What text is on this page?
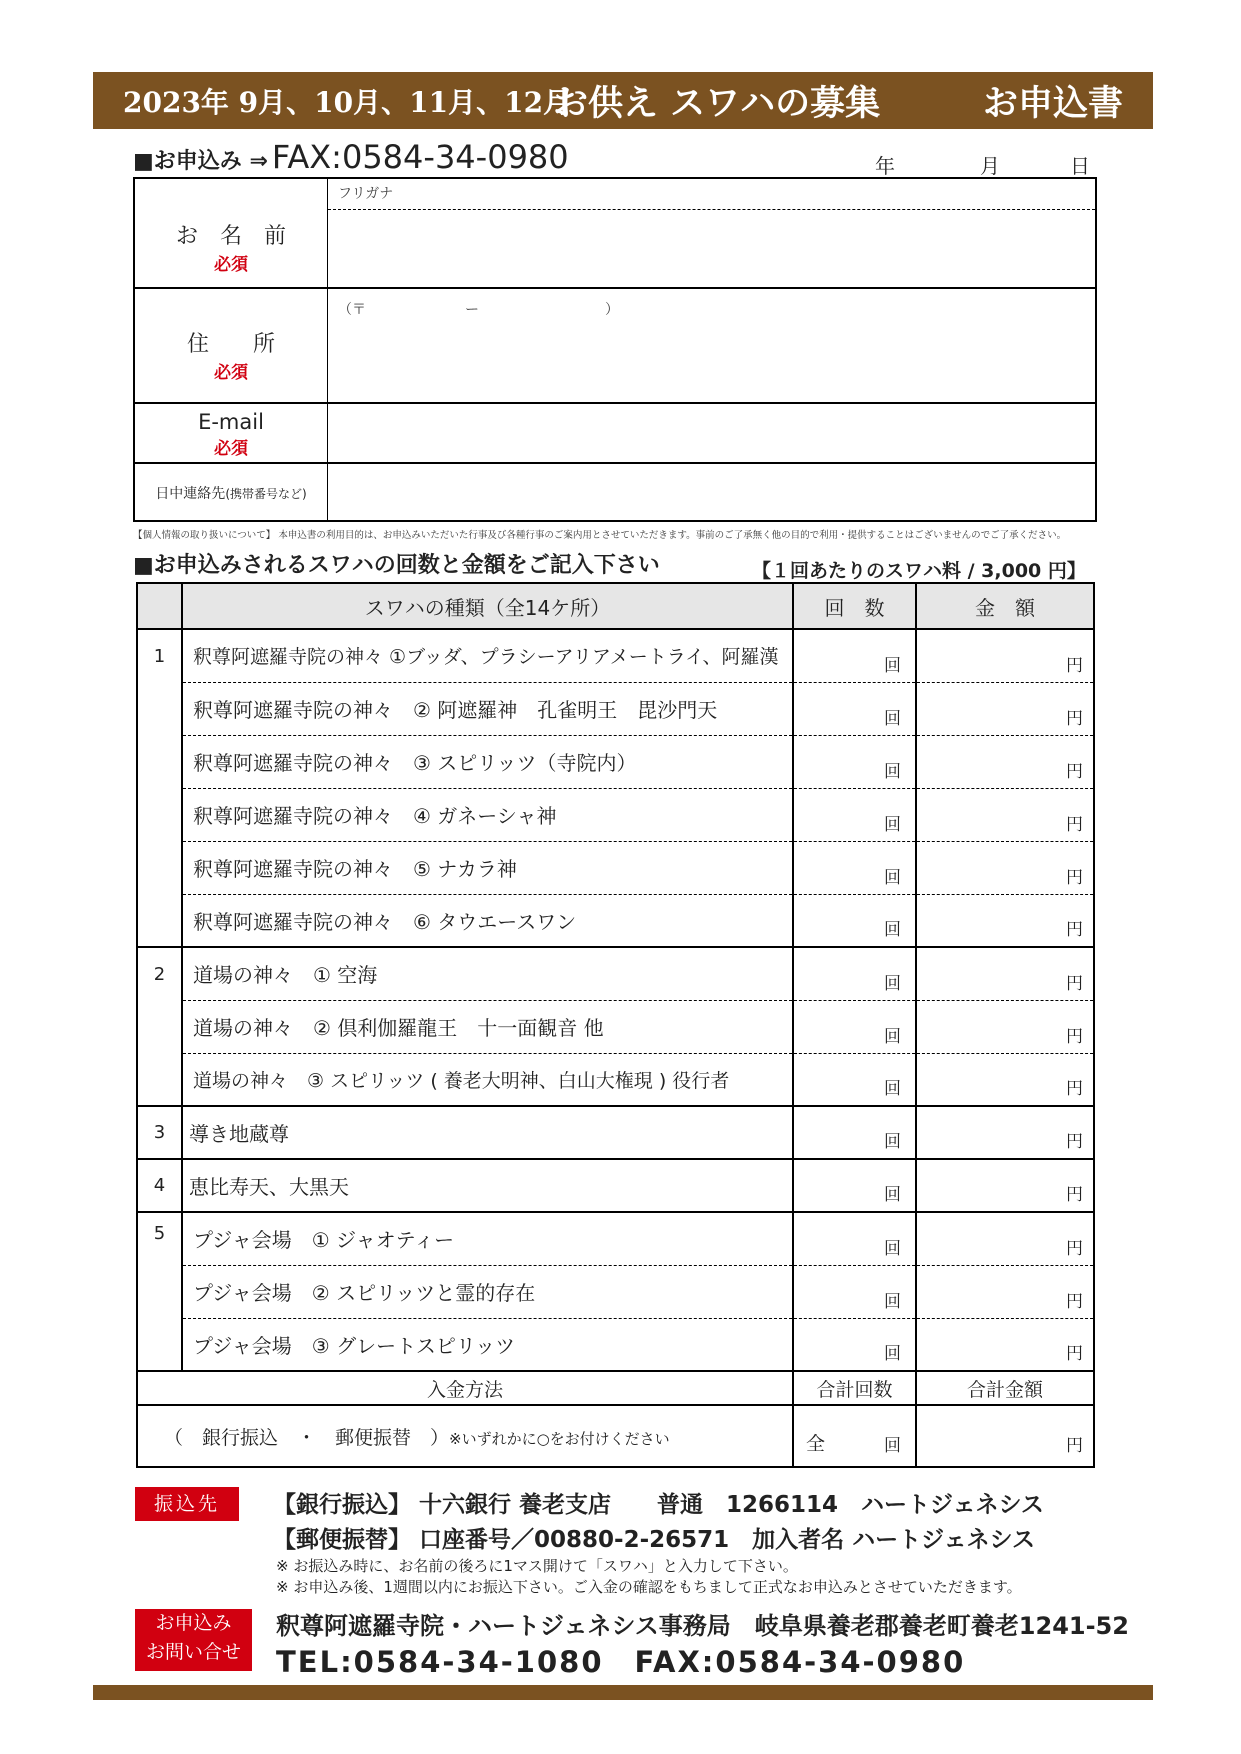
2023年 9月、10月、11月、12月
お供え スワハの募集	お申込書
■お申込み ⇒ FAX:0584-34-0980	年	月	日
お　名　前
必須
フリガナ
住　　所
必須
（〒	ー	）
E-mail
必須
日中連絡先(携帯番号など)
【個人情報の取り扱いについて】 本申込書の利用目的は、お申込みいただいた行事及び各種行事のご案内用とさせていただきます。事前のご了承無く他の目的で利用・提供することはございませんのでご了承ください。
■お申込みされるスワハの回数と金額をご記入下さい	【１回あたりのスワハ料 / 3,000 円】
	スワハの種類（全14ケ所）	回　数	金　額
1	釈尊阿遮羅寺院の神々 ①ブッダ、プラシーアリアメートライ、阿羅漢	回	円
	釈尊阿遮羅寺院の神々　② 阿遮羅神　孔雀明王　毘沙門天	回	円
	釈尊阿遮羅寺院の神々　③ スピリッツ（寺院内）	回	円
	釈尊阿遮羅寺院の神々　④ ガネーシャ神	回	円
	釈尊阿遮羅寺院の神々　⑤ ナカラ神	回	円
	釈尊阿遮羅寺院の神々　⑥ タウエースワン	回	円
2	道場の神々　① 空海	回	円
	道場の神々　② 倶利伽羅龍王　十一面観音 他	回	円
	道場の神々　③ スピリッツ ( 養老大明神、白山大権現 ) 役行者	回	円
3	導き地蔵尊	回	円
4	恵比寿天、大黒天	回	円
5	プジャ会場　① ジャオティー	回	円
	プジャ会場　② スピリッツと霊的存在	回	円
	プジャ会場　③ グレートスピリッツ	回	円
入金方法		合計回数	合計金額
（　銀行振込　・　郵便振替　）※いずれかに○をお付けください		全 回	円
振込先	【銀行振込】 十六銀行 養老支店　　普通　1266114　ハートジェネシス
【郵便振替】 口座番号／00880-2-26571　加入者名 ハートジェネシス
※ お振込み時に、お名前の後ろに1マス開けて「スワハ」と入力して下さい。
※ お申込み後、1週間以内にお振込下さい。ご入金の確認をもちまして正式なお申込みとさせていただきます。
お申込み
お問い合せ
釈尊阿遮羅寺院・ハートジェネシス事務局　岐阜県養老郡養老町養老1241-52
TEL:0584-34-1080　FAX:0584-34-0980
